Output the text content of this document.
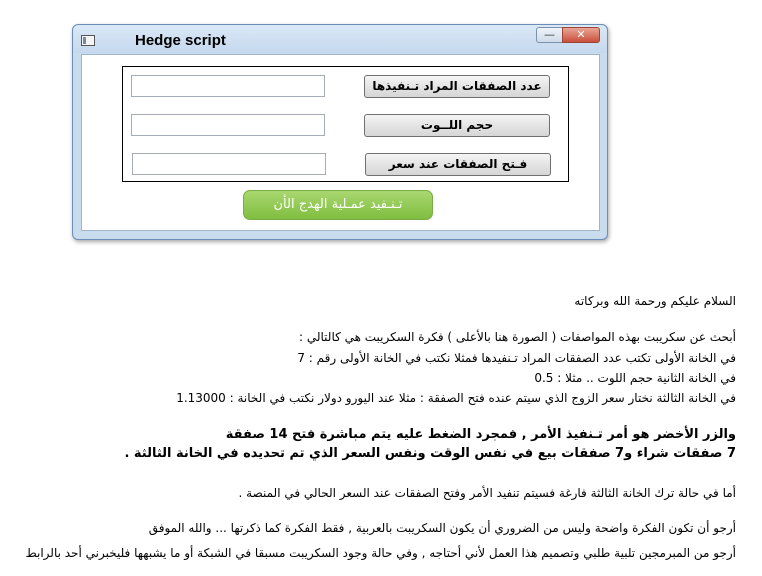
Hedge script	—	✕
عدد الصفقات المراد تـنفيذها
حجم اللــوت
فـتح الصفقات عند سعر
تـنـفيد عمـلية الهدج الأن
السلام عليكم ورحمة الله وبركاته
أبحث عن سكريبت بهذه المواصفات ( الصورة هنا بالأعلى ) فكرة السكريبت هي كالتالي :
في الخانة الأولى تكتب عدد الصفقات المراد تـنفيدها فمثلا نكتب في الخانة الأولى رقم : 7
في الخانة الثانية حجم اللوت .. مثلا : 0.5
في الخانة الثالثة نختار سعر الزوج الذي سيتم عنده فتح الصفقة : مثلا عند اليورو دولار نكتب في الخانة : 1.13000
والزر الأخضر هو أمر تـنفيذ الأمر , فمجرد الضغط عليه يتم مباشرة فتح 14 صفقة
7 صفقات شراء و7 صفقات بيع في نفس الوقت ونفس السعر الذي تم تحديده في الخانة الثالثة .
أما في حالة ترك الخانة الثالثة فارغة فسيتم تنفيد الأمر وفتح الصفقات عند السعر الحالي في المنصة .
أرجو أن تكون الفكرة واضحة وليس من الضروري أن يكون السكريبت بالعربية , فقط الفكرة كما ذكرتها ... والله الموفق
أرجو من المبرمجين تلبية طلبي وتصميم هذا العمل لأني أحتاجه , وفي حالة وجود السكريبت مسبقا في الشبكة أو ما يشبهها فليخبرني أحد بالرابط
